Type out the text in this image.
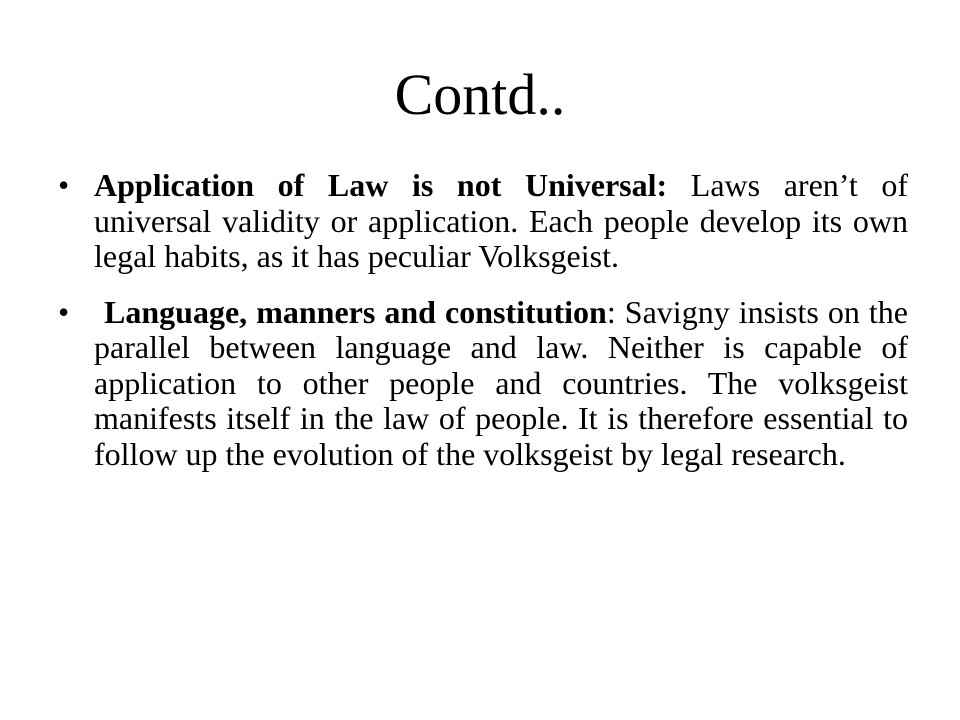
Contd..
• Application of Law is not Universal: Laws aren’t of universal validity or application. Each people develop its own legal habits, as it has peculiar Volksgeist.
• Language, manners and constitution: Savigny insists on the parallel between language and law. Neither is capable of application to other people and countries. The volksgeist manifests itself in the law of people. It is therefore essential to follow up the evolution of the volksgeist by legal research.
